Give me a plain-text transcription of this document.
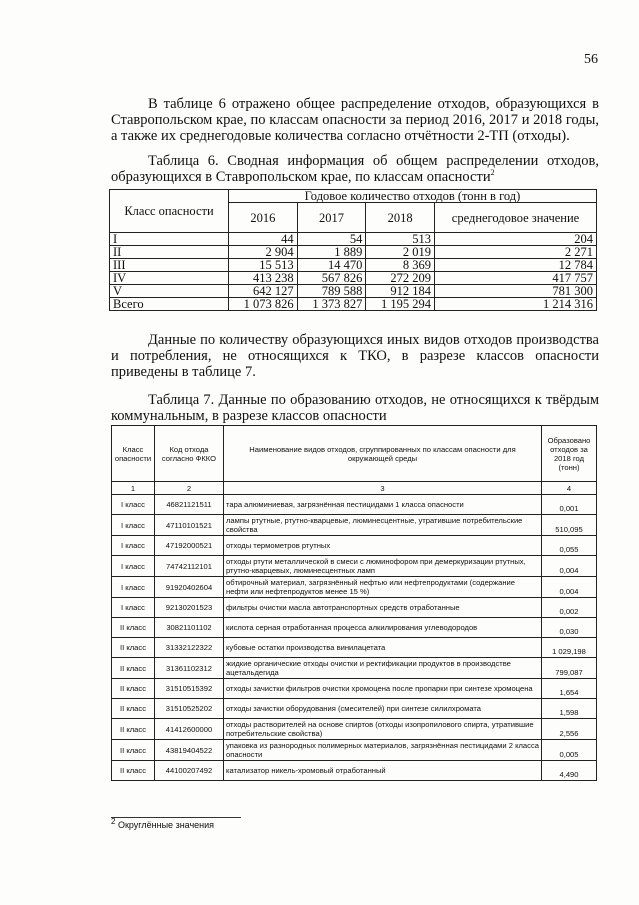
56

В таблице 6 отражено общее распределение отходов, образующихся в Ставропольском крае, по классам опасности за период 2016, 2017 и 2018 годы, а также их среднегодовые количества согласно отчётности 2-ТП (отходы).

Таблица 6. Сводная информация об общем распределении отходов, образующихся в Ставропольском крае, по классам опасности$^2$

Класс опасности	Годовое количество отходов (тонн в год)			
	2016	2017	2018	среднегодовое значение
I	44	54	513	204
II	2 904	1 889	2 019	2 271
III	15 513	14 470	8 369	12 784
IV	413 238	567 826	272 209	417 757
V	642 127	789 588	912 184	781 300
Всего	1 073 826	1 373 827	1 195 294	1 214 316

Данные по количеству образующихся иных видов отходов производства и потребления, не относящихся к ТКО, в разрезе классов опасности приведены в таблице 7.

Таблица 7. Данные по образованию отходов, не относящихся к твёрдым коммунальным, в разрезе классов опасности

Класс опасности	Код отхода согласно ФККО	Наименование видов отходов, сгруппированных по классам опасности для окружающей среды	Образовано отходов за 2018 год (тонн)
1	2	3	4
I класс	46821121511	тара алюминиевая, загрязнённая пестицидами 1 класса опасности	0,001
I класс	47110101521	лампы ртутные, ртутно-кварцевые, люминесцентные, утратившие потребительские свойства	510,095
I класс	47192000521	отходы термометров ртутных	0,055
I класс	74742112101	отходы ртути металлической в смеси с люминофором при демеркуризации ртутных, ртутно-кварцевых, люминесцентных ламп	0,004
I класс	91920402604	обтирочный материал, загрязнённый нефтью или нефтепродуктами (содержание нефти или нефтепродуктов менее 15 %)	0,004
I класс	92130201523	фильтры очистки масла автотранспортных средств отработанные	0,002
II класс	30821101102	кислота серная отработанная процесса алкилирования углеводородов	0,030
II класс	31332122322	кубовые остатки производства винилацетата	1 029,198
II класс	31361102312	жидкие органические отходы очистки и ректификации продуктов в производстве ацетальдегида	799,087
II класс	31510515392	отходы зачистки фильтров очистки хромоцена после пропарки при синтезе хромоцена	1,654
II класс	31510525202	отходы зачистки оборудования (смесителей) при синтезе силилхромата	1,598
II класс	41412600000	отходы растворителей на основе спиртов (отходы изопропилового спирта, утратившие потребительские свойства)	2,556
II класс	43819404522	упаковка из разнородных полимерных материалов, загрязнённая пестицидами 2 класса опасности	0,005
II класс	44100207492	катализатор никель-хромовый отработанный	4,490
$^2$ Округлённые значения
